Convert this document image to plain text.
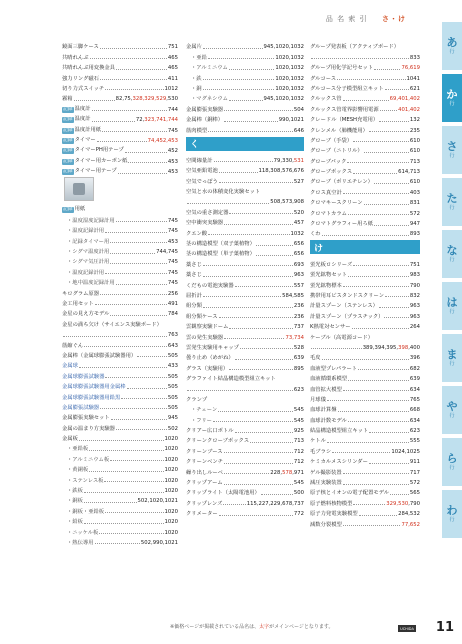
品 名 索 引 　 さ・け
鏡面三脚ケース	751
共晴れんぷ	465
共晴れんぷ用変換金具	465
強力リング磁石	411
切り力式スイッチ	1012
霧箱	82,75,328,329,529,530
記録 温度計	744
記録 温度計	72,323,741,744
記録 温度計用紙	745
記録 タイマー	74,452,453
記録 タイマーPH用テープ	452
記録 タイマー用カーボン紙	453
記録 タイマー用テープ	453
記録 用紙
・温度湿度記録計用	745
・温度記録計用	745
・記録タイマー用	453
・シグマ温度計用	744,745
・シグマ気圧計用	745
・温度記録計用	745
・地中温度記録計用	745
キログラム原器	256
金工用セット	491
金星の見え方モデル	784
金星の満ち欠け（サイエンス実験ボード）
763
筋縮ぐん	643
金属棒（金属球膨張試験器用）	505
金属球	433
金属球膨張試験器	505
金属球膨張試験器用金属棒	505
金属球膨張試験器用鉛黒	505
金属膨張試験器	505
金属膨張実験セット	945
金属の温まり方実験器	502
金属板	1020
・亜鉛板	1020
・アルミニウム板	1020
・黄銅板	1020
・ステンレス板	1020
・鉄板	1020
・銅板	502,1020,1021
・銅板・亜鉛板	1020
・鉛板	1020
・ニッケル板	1020
・熱伝導用	502,990,1021
金属片	945,1020,1032
・亜鉛	1020,1032
・アルミニウム	1020,1032
・鉄	1020,1032
・銅	1020,1032
・マグネシウム	945,1020,1032
金属膨張実験器	504
金属棒（銅棒）	990,1021
筋肉模型	646
く
空間線量計	79,330,531
空気亜鉛電池	118,308,576,676
空気でっぽう	527
空気と水の体積変化実験セット
508,573,908
空気の重さ測定器	520
空中衝突実験器	457
クエン酸	1032
茎の構造模型（双子葉植物）	656
茎の構造模型（単子葉植物）	656
薬さじ	693
薬さじ	963
くだもの電池実験器	557
屈折計	584,585
組分類	236
組分類ケース	236
雲観察実験ドーム	737
雲の発生実験器	73,734
雲発生実験用キャップ	528
曇り止め（めがね）	639
グラス（実験用）	895
グラファイト結晶構造模型組立キット
623
クランプ
・チェーン	545
・フリー	545
クリアー広口ボトル	925
クリーンクローブボックス	713
クリーンブース	712
クリーンベンチ	712
繰り出しルーペ	228,578,971
クリップアーム	545
クリップライト（太陽電池用）	500
クリップレンズ	115,227,229,678,737
クリメーター	772
グループ発表板（アクティブボード）
833
グループ用化学記号セット	76,619
グルコース	1041
グルコース分子模型組立キット	621
クルックス管	69,401,402
クルックス管電界影響用電源	401,402
クレードル（MESH充電用）	132
クレンメル（肺機能用）	235
グローブ（手袋）	610
グローブ（ニトリル）	610
グローブパック	713
グローブボックス	614,713
グローブ（ポリエチレン）	610
クロス真空計	403
クロマキースクリーン	831
クロマトカラム	572
クロマトグラフィー用ろ紙	947
くわ	893
け
蛍光板ロシリーズ	751
蛍光鉱物セット	983
蛍光鉱物標本	790
携帯用耳ビスタンドスクリーン	832
計量スプーン（ステンレス）	963
計量スプーン（プラスチック）	963
K熱電対センサー	264
ケーブル（高電源コード）
389,394,395,398,400
毛皮	396
血液型プレパラート	682
血液循環系模型	639
血管拡大模型	634
月球儀	765
血球計算盤	668
血球計数モデル	634
結晶構造模型組立キット	623
ケトル	555
毛ブラシ	1024,1025
ケミカルメスシリンダー	911
ゲル撮影装置	717
減圧実験装置	572
原子核とイオンの電子配置モデル	565
原子燃料核物模型	329,530,790
原子力発電実験模型	284,532
減数分裂模型	77,652
あ
行
か
行
さ
行
た
行
な
行
は
行
ま
行
や
行
ら
行
わ
行
※価格ページが掲載されている品名は、太字がメインページとなります。	UCHIDA 11
